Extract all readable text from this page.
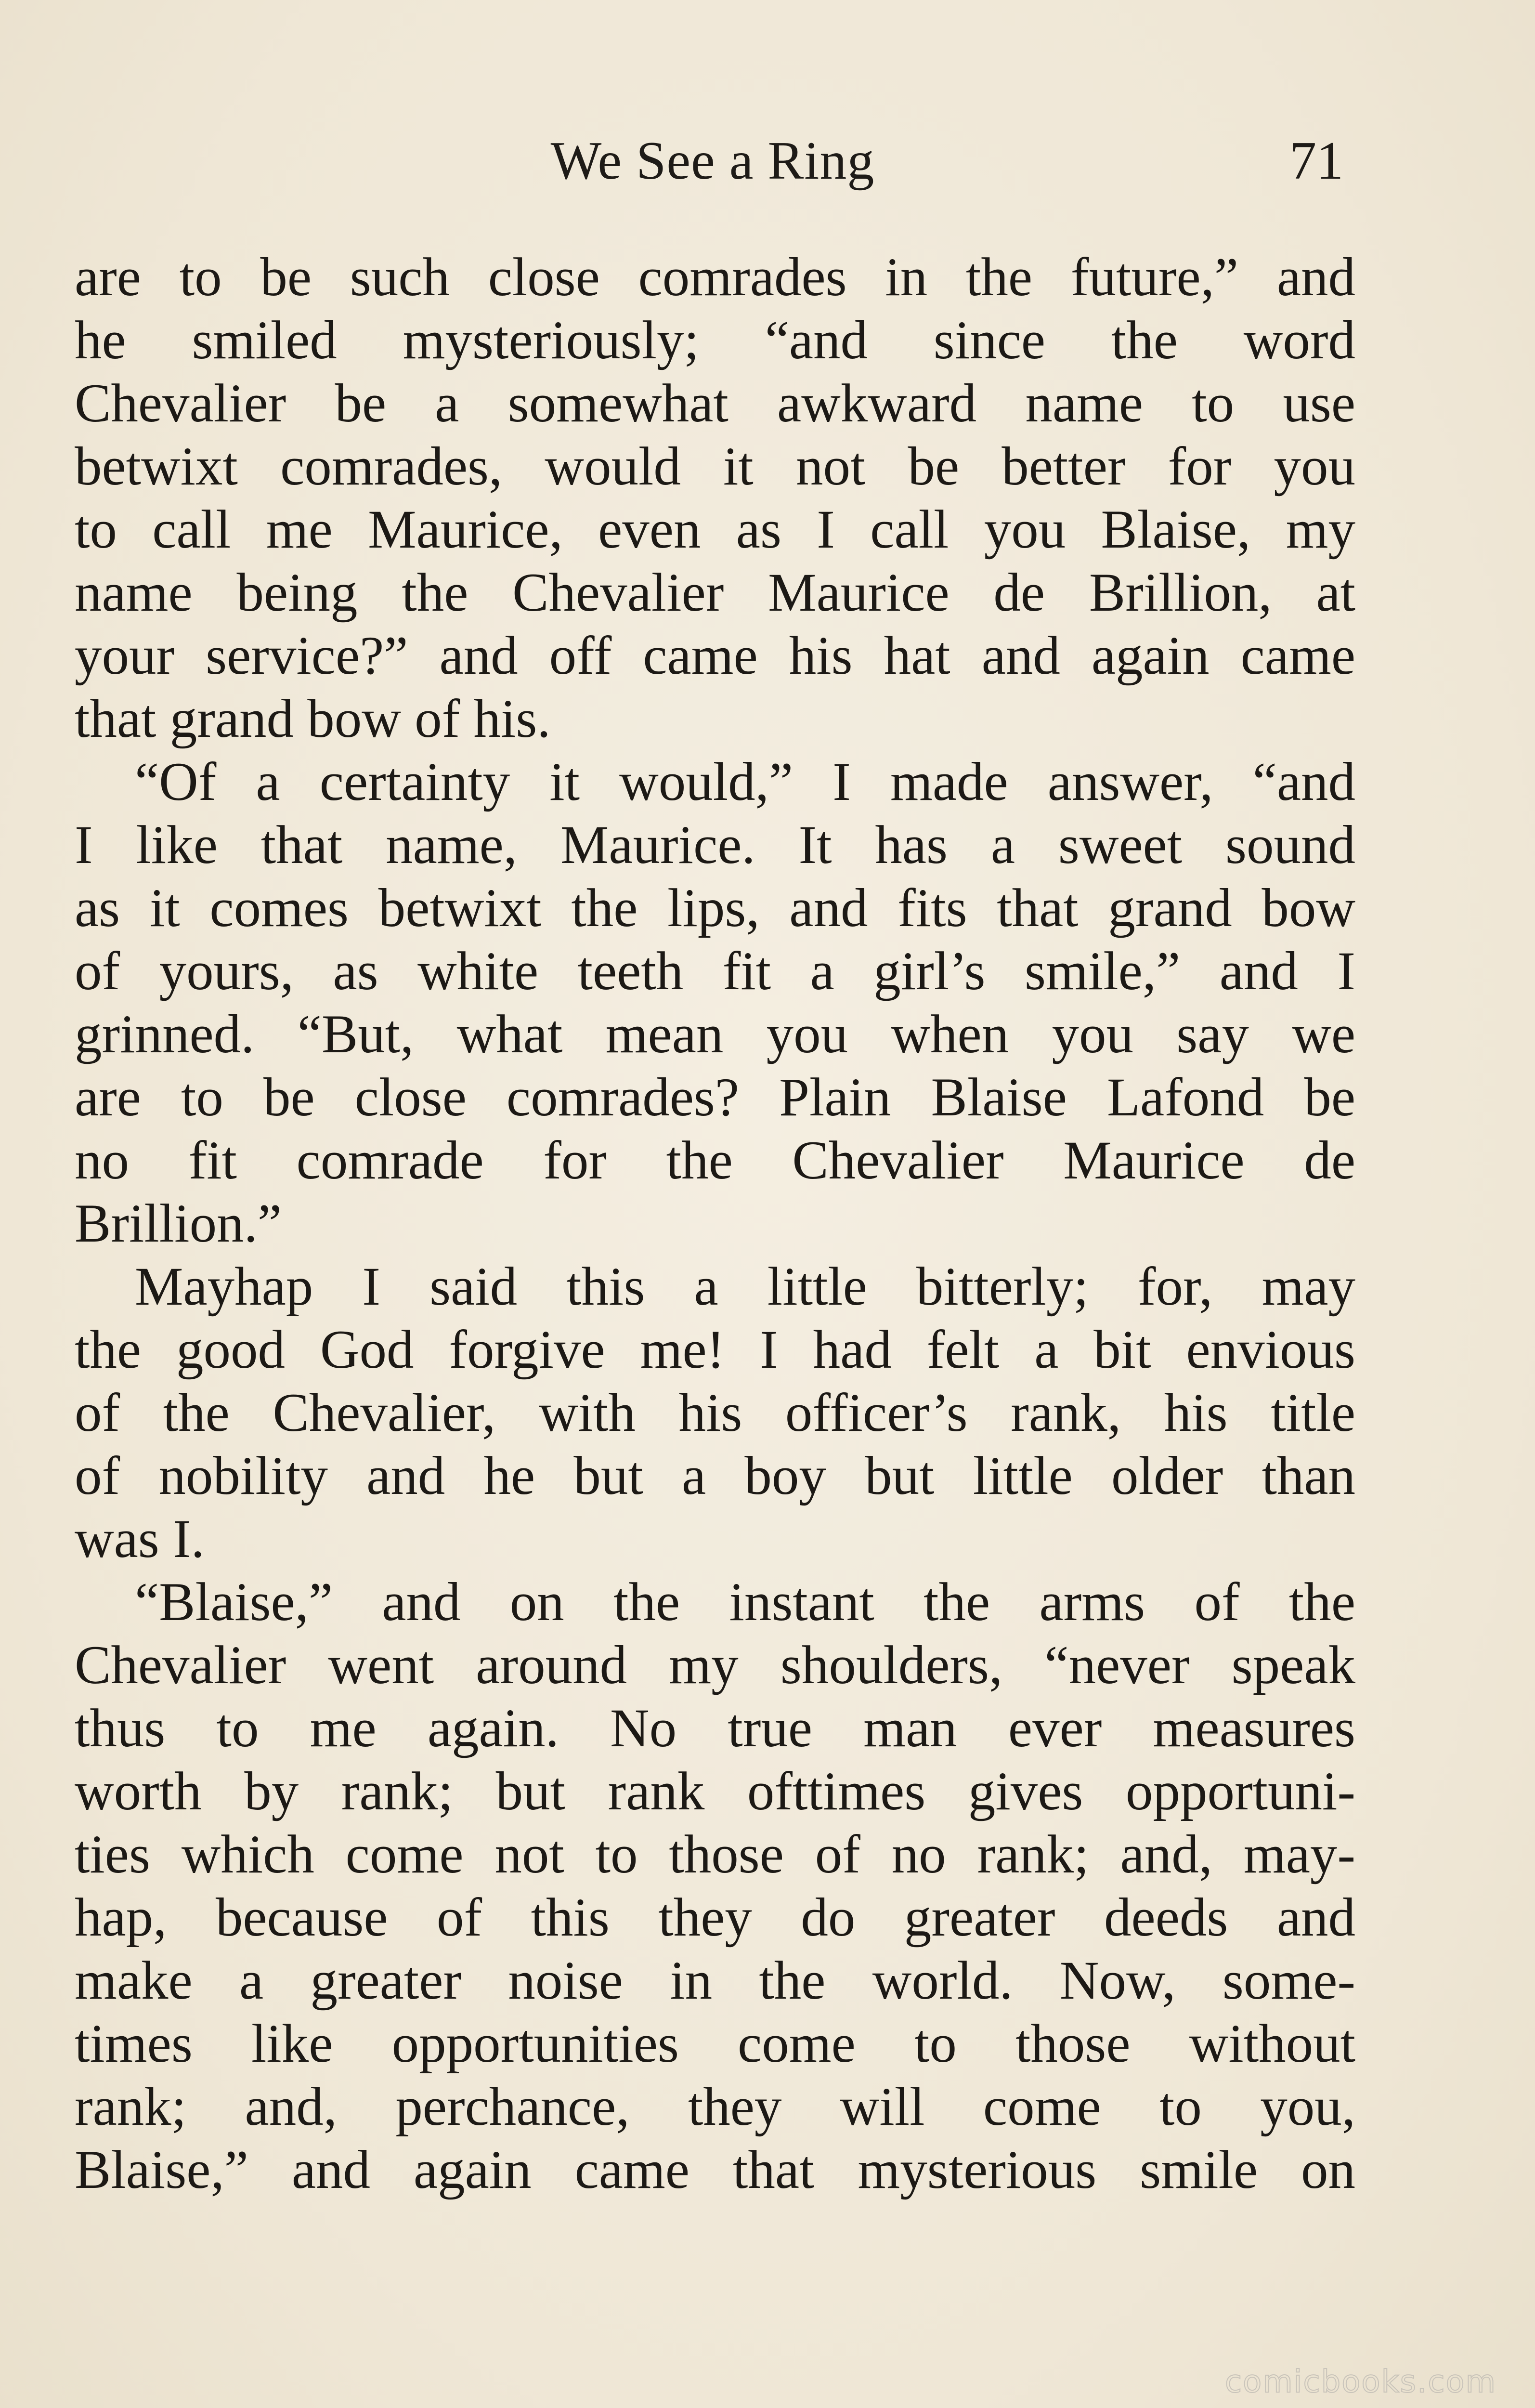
We See a Ring	71
are to be such close comrades in the future,” and
he smiled mysteriously; “and since the word
Chevalier be a somewhat awkward name to use
betwixt comrades, would it not be better for you
to call me Maurice, even as I call you Blaise, my
name being the Chevalier Maurice de Brillion, at
your service?” and off came his hat and again came
that grand bow of his.
“Of a certainty it would,” I made answer, “and
I like that name, Maurice. It has a sweet sound
as it comes betwixt the lips, and fits that grand bow
of yours, as white teeth fit a girl’s smile,” and I
grinned. “But, what mean you when you say we
are to be close comrades? Plain Blaise Lafond be
no fit comrade for the Chevalier Maurice de
Brillion.”
Mayhap I said this a little bitterly; for, may
the good God forgive me! I had felt a bit envious
of the Chevalier, with his officer’s rank, his title
of nobility and he but a boy but little older than
was I.
“Blaise,” and on the instant the arms of the
Chevalier went around my shoulders, “never speak
thus to me again. No true man ever measures
worth by rank; but rank ofttimes gives opportuni-
ties which come not to those of no rank; and, may-
hap, because of this they do greater deeds and
make a greater noise in the world. Now, some-
times like opportunities come to those without
rank; and, perchance, they will come to you,
Blaise,” and again came that mysterious smile on
comicbooks.com
